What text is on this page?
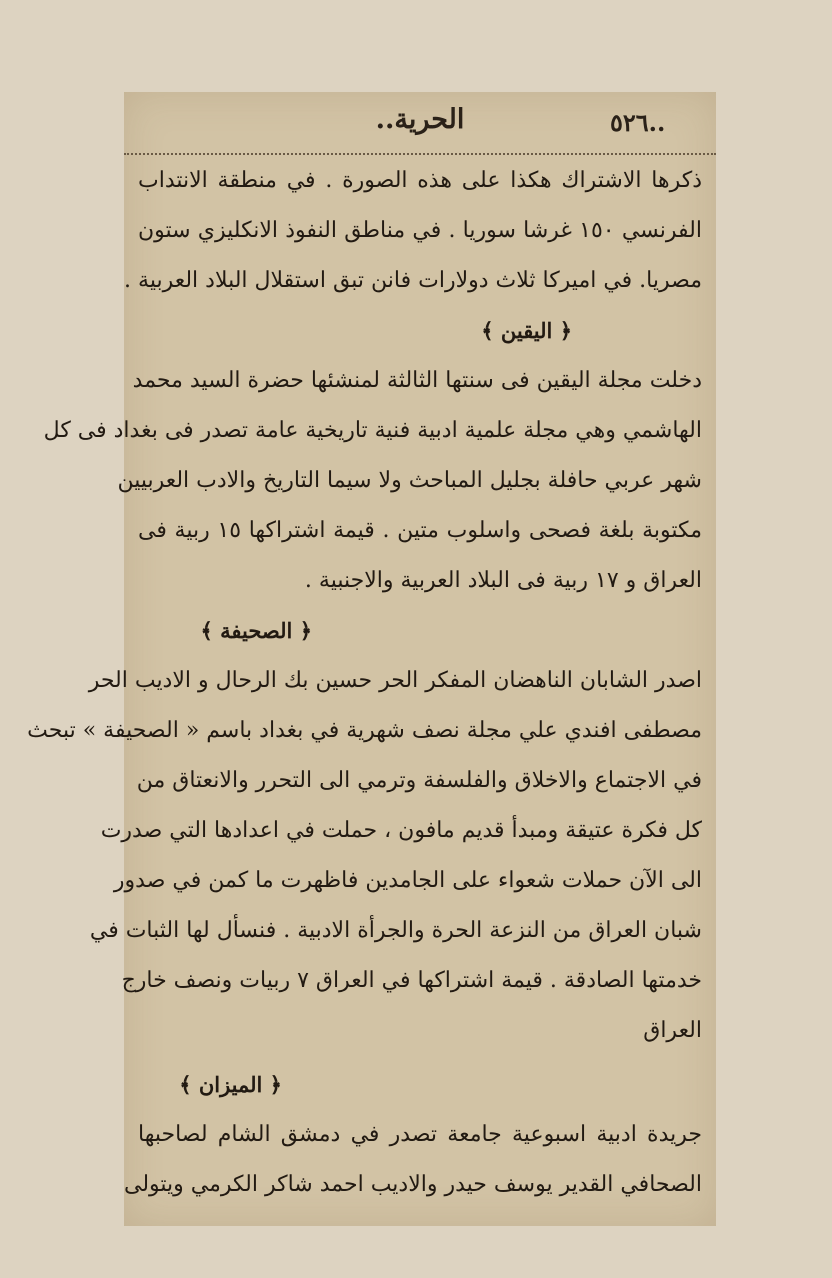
..٥٢٦
الحرية..
ذكرها الاشتراك هكذا على هذه الصورة . في منطقة الانتداب
الفرنسي ١٥٠ غرشا سوريا . في مناطق النفوذ الانكليزي ستون
مصريا. في اميركا ثلاث دولارات فانن تبق استقلال البلاد العربية .
﴿ اليقين ﴾
دخلت مجلة اليقين فى سنتها الثالثة لمنشئها حضرة السيد محمد
الهاشمي وهي مجلة علمية ادبية فنية تاريخية عامة تصدر فى بغداد فى كل
شهر عربي حافلة بجليل المباحث ولا سيما التاريخ والادب العربيين
مكتوبة بلغة فصحى واسلوب متين . قيمة اشتراكها ١٥ ربية فى
العراق و ١٧ ربية فى البلاد العربية والاجنبية .
﴿ الصحيفة ﴾
اصدر الشابان الناهضان المفكر الحر حسين بك الرحال و الاديب الحر
مصطفى افندي علي مجلة نصف شهرية في بغداد باسم « الصحيفة » تبحث
في الاجتماع والاخلاق والفلسفة وترمي الى التحرر والانعتاق من
كل فكرة عتيقة ومبدأ قديم مافون ، حملت في اعدادها التي صدرت
الى الآن حملات شعواء على الجامدين فاظهرت ما كمن في صدور
شبان العراق من النزعة الحرة والجرأة الادبية . فنسأل لها الثبات في
خدمتها الصادقة . قيمة اشتراكها في العراق ٧ ربيات ونصف خارج
العراق
﴿ الميزان ﴾
جريدة ادبية اسبوعية جامعة تصدر في دمشق الشام لصاحبها
الصحافي القدير يوسف حيدر والاديب احمد شاكر الكرمي ويتولى
